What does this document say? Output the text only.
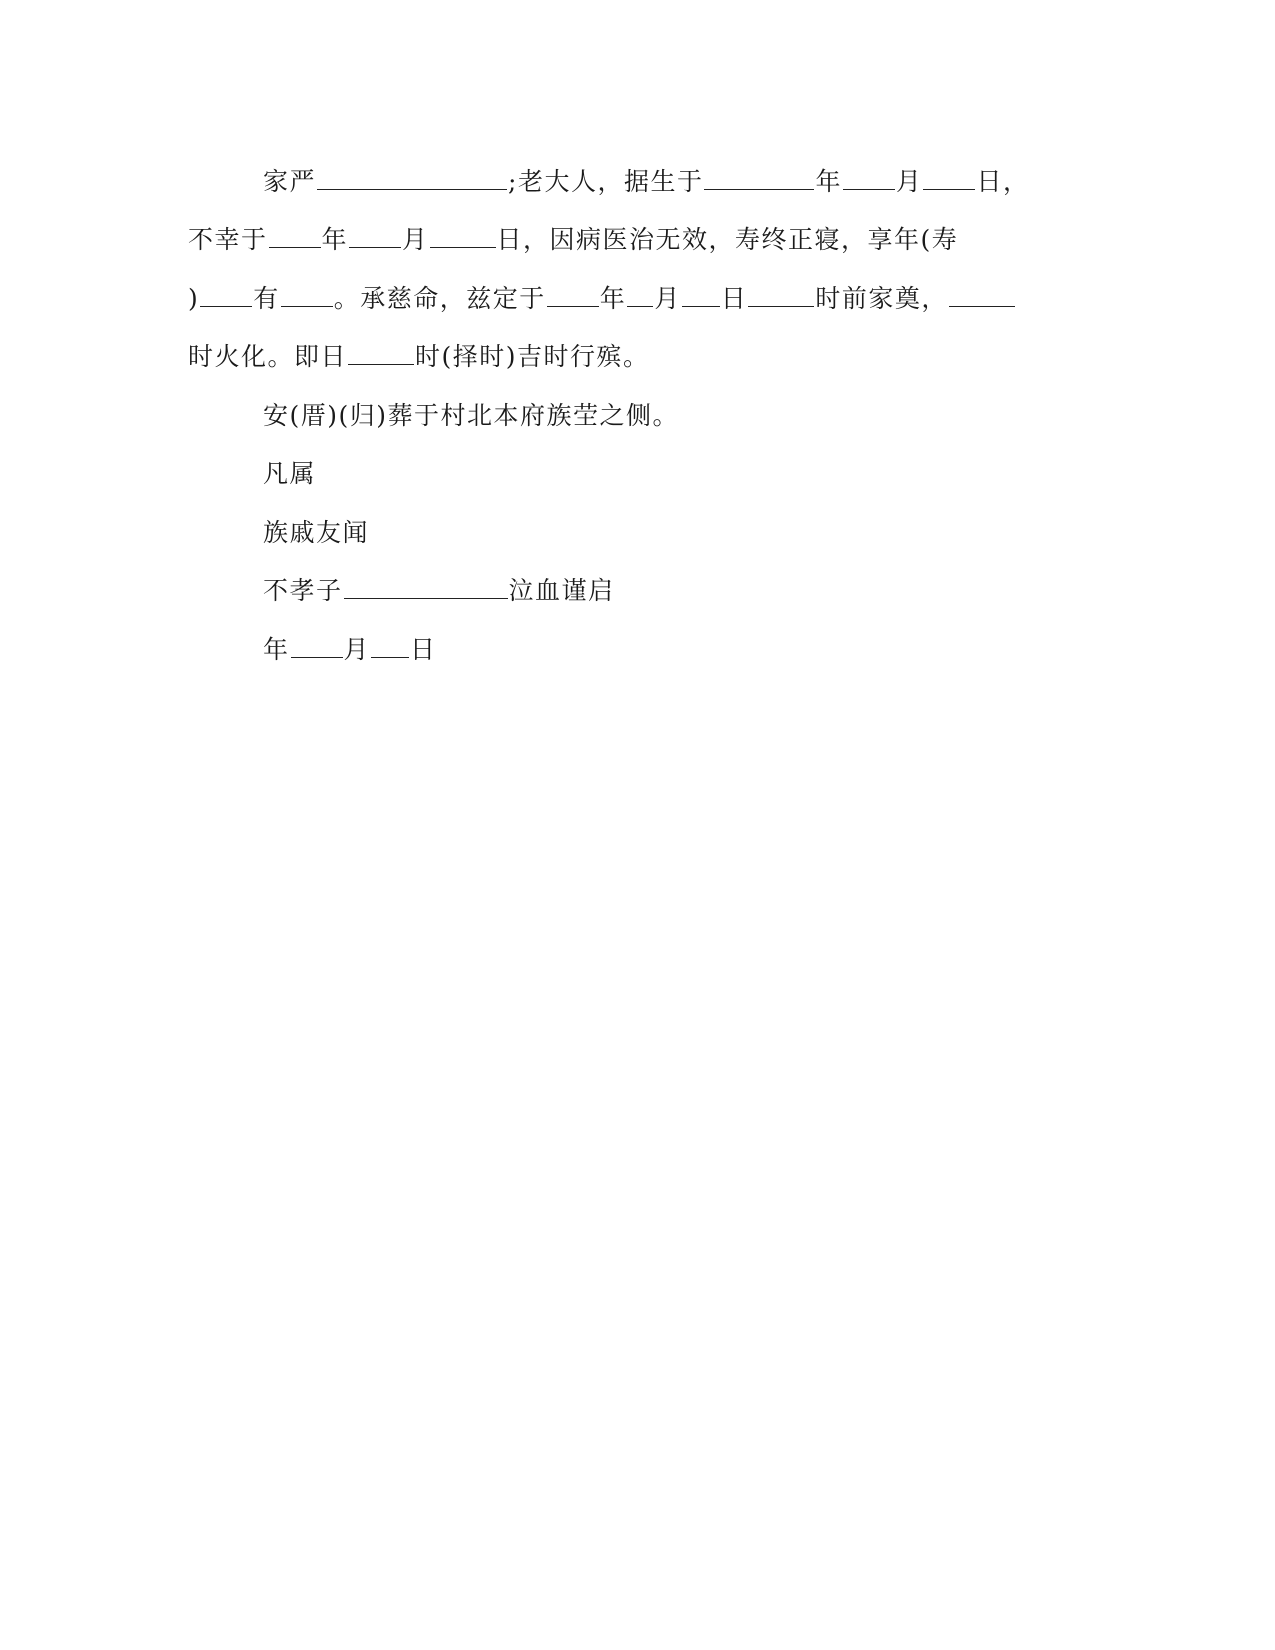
家严	;老大人，据生于	年 月 日，
不幸于 年 月	日，因病医治无效，寿终正寝，享年(寿
) 有 。承慈命，兹定于 年 月 日	时前家奠，
时火化。即日	时(择时)吉时行殡。
安(厝)(归)葬于村北本府族茔之侧。
凡属
族戚友闻
不孝子	泣血谨启
年 月 日
